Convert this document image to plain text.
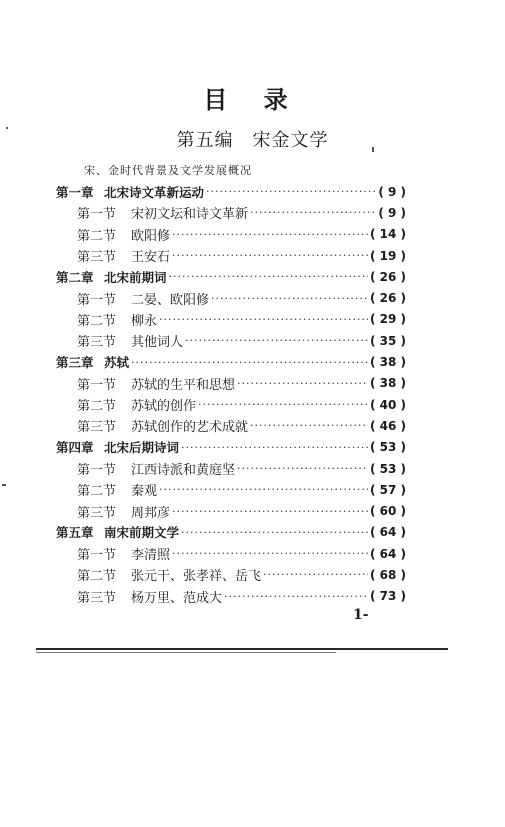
目 录
第五编　宋金文学
宋、金时代背景及文学发展概况
第一章 北宋诗文革新运动 ·····	( 9 )
第一节	宋初文坛和诗文革新 ·····	( 9 )
第二节	欧阳修 ·····	( 14 )
第三节	王安石 ·····	( 19 )
第二章 北宋前期词 ·····	( 26 )
第一节	二晏、欧阳修 ·····	( 26 )
第二节	柳永 ·····	( 29 )
第三节	其他词人 ·····	( 35 )
第三章 苏轼 ·····	( 38 )
第一节	苏轼的生平和思想 ·····	( 38 )
第二节	苏轼的创作 ·····	( 40 )
第三节	苏轼创作的艺术成就 ·····	( 46 )
第四章 北宋后期诗词 ·····	( 53 )
第一节	江西诗派和黄庭坚 ·····	( 53 )
第二节	秦观 ·····	( 57 )
第三节	周邦彦 ·····	( 60 )
第五章 南宋前期文学 ·····	( 64 )
第一节	李清照 ·····	( 64 )
第二节	张元干、张孝祥、岳飞 ·····	( 68 )
第三节	杨万里、范成大 ·····	( 73 )
1-
